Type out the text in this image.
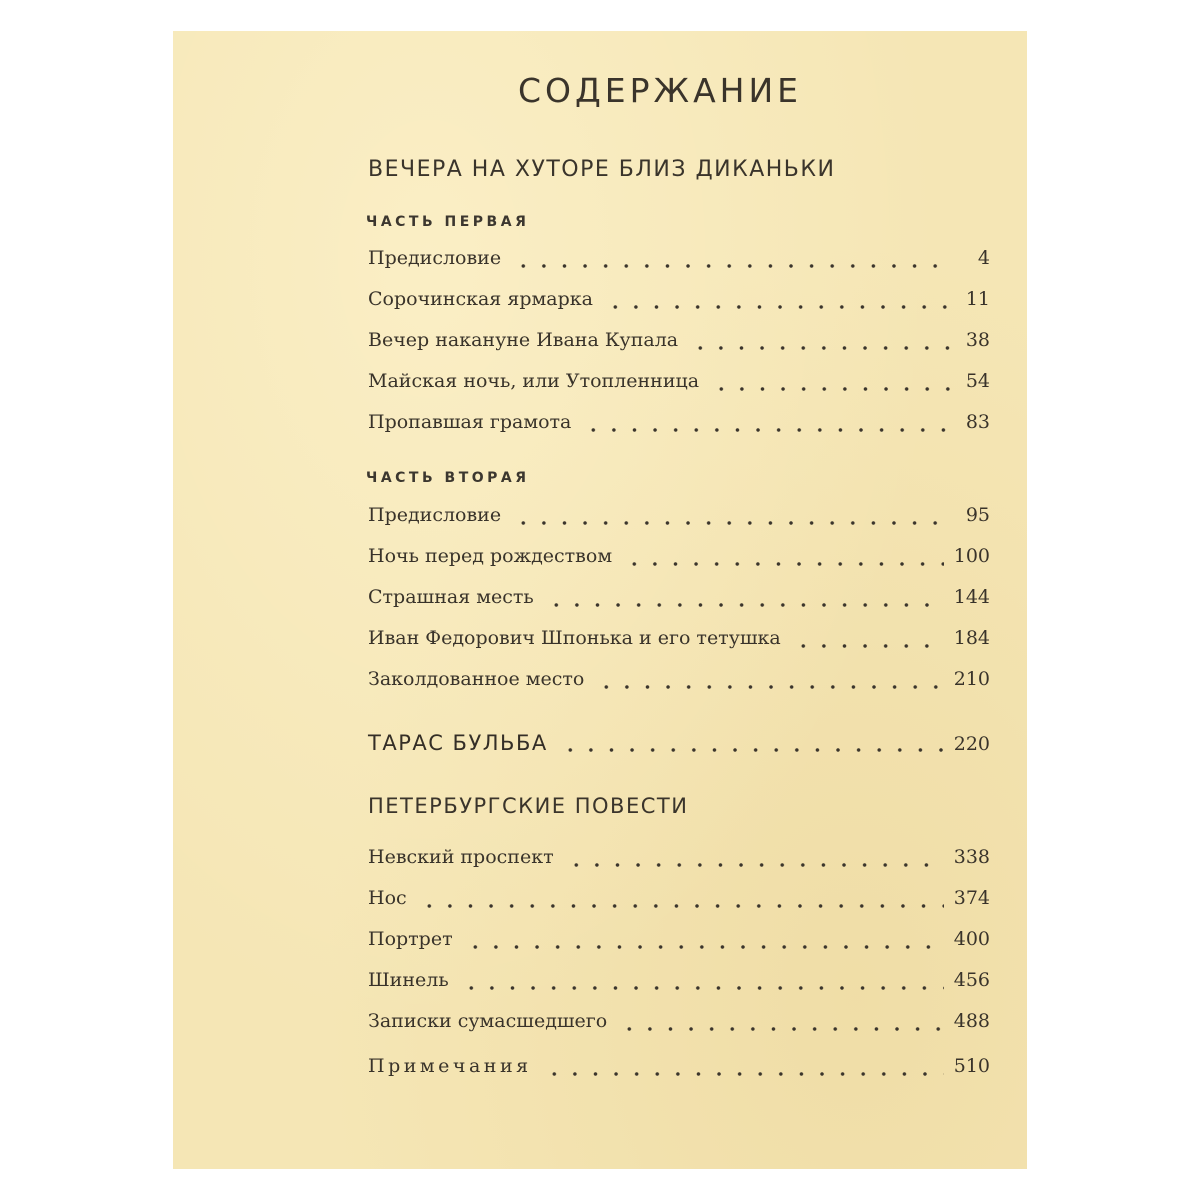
СОДЕРЖАНИЕ
ВЕЧЕРА НА ХУТОРЕ БЛИЗ ДИКАНЬКИ
ЧАСТЬ ПЕРВАЯ
Предисловие	4
Сорочинская ярмарка	11
Вечер накануне Ивана Купала	38
Майская ночь, или Утопленница	54
Пропавшая грамота	83
ЧАСТЬ ВТОРАЯ
Предисловие	95
Ночь перед рождеством	100
Страшная месть	144
Иван Федорович Шпонька и его тетушка	184
Заколдованное место	210
ТАРАС БУЛЬБА	220
ПЕТЕРБУРГСКИЕ ПОВЕСТИ
Невский проспект	338
Нос	374
Портрет	400
Шинель	456
Записки сумасшедшего	488
Примечания	510
